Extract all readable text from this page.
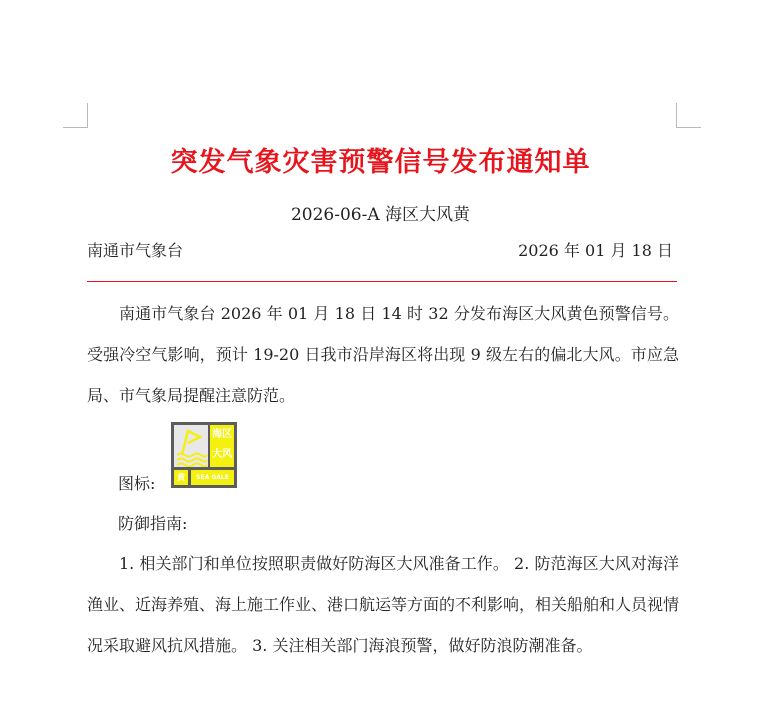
突发气象灾害预警信号发布通知单
2026-06-A 海区大风黄
南通市气象台	2026 年 01 月 18 日
南通市气象台 2026 年 01 月 18 日 14 时 32 分发布海区大风黄色预警信号。受强冷空气影响，预计 19-20 日我市沿岸海区将出现 9 级左右的偏北大风。市应急局、市气象局提醒注意防范。
图标:
海区
大风
黄	SEA GALE
防御指南:
1. 相关部门和单位按照职责做好防海区大风准备工作。 2. 防范海区大风对海洋渔业、近海养殖、海上施工作业、港口航运等方面的不利影响，相关船舶和人员视情况采取避风抗风措施。 3. 关注相关部门海浪预警，做好防浪防潮准备。
